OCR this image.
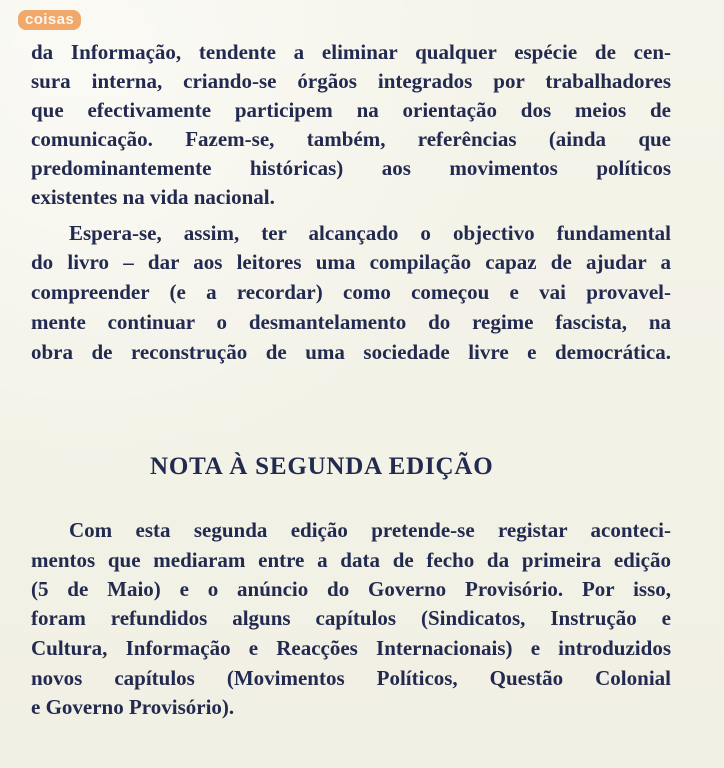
coisas
da Informação, tendente a eliminar qualquer espécie de cen-
sura interna, criando-se órgãos integrados por trabalhadores
que efectivamente participem na orientação dos meios de
comunicação. Fazem-se, também, referências (ainda que
predominantemente históricas) aos movimentos políticos
existentes na vida nacional.
Espera-se, assim, ter alcançado o objectivo fundamental
do livro – dar aos leitores uma compilação capaz de ajudar a
compreender (e a recordar) como começou e vai provavel-
mente continuar o desmantelamento do regime fascista, na
obra de reconstrução de uma sociedade livre e democrática.
NOTA À SEGUNDA EDIÇÃO
Com esta segunda edição pretende-se registar aconteci-
mentos que mediaram entre a data de fecho da primeira edição
(5 de Maio) e o anúncio do Governo Provisório. Por isso,
foram refundidos alguns capítulos (Sindicatos, Instrução e
Cultura, Informação e Reacções Internacionais) e introduzidos
novos capítulos (Movimentos Políticos, Questão Colonial
e Governo Provisório).
